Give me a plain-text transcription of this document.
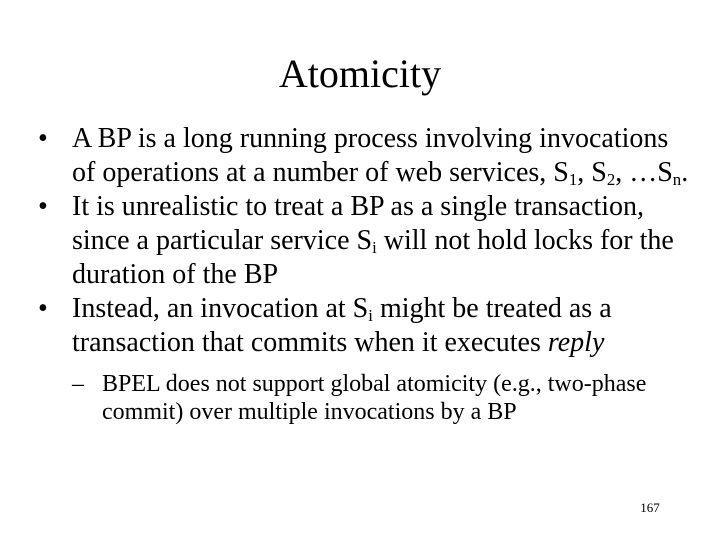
Atomicity
• A BP is a long running process involving invocations of operations at a number of web services, $S_1$, $S_2$, $\dots S_n$.
• It is unrealistic to treat a BP as a single transaction, since a particular service $S_i$ will not hold locks for the duration of the BP
• Instead, an invocation at $S_i$ might be treated as a transaction that commits when it executes reply
– BPEL does not support global atomicity (e.g., two-phase commit) over multiple invocations by a BP
167
